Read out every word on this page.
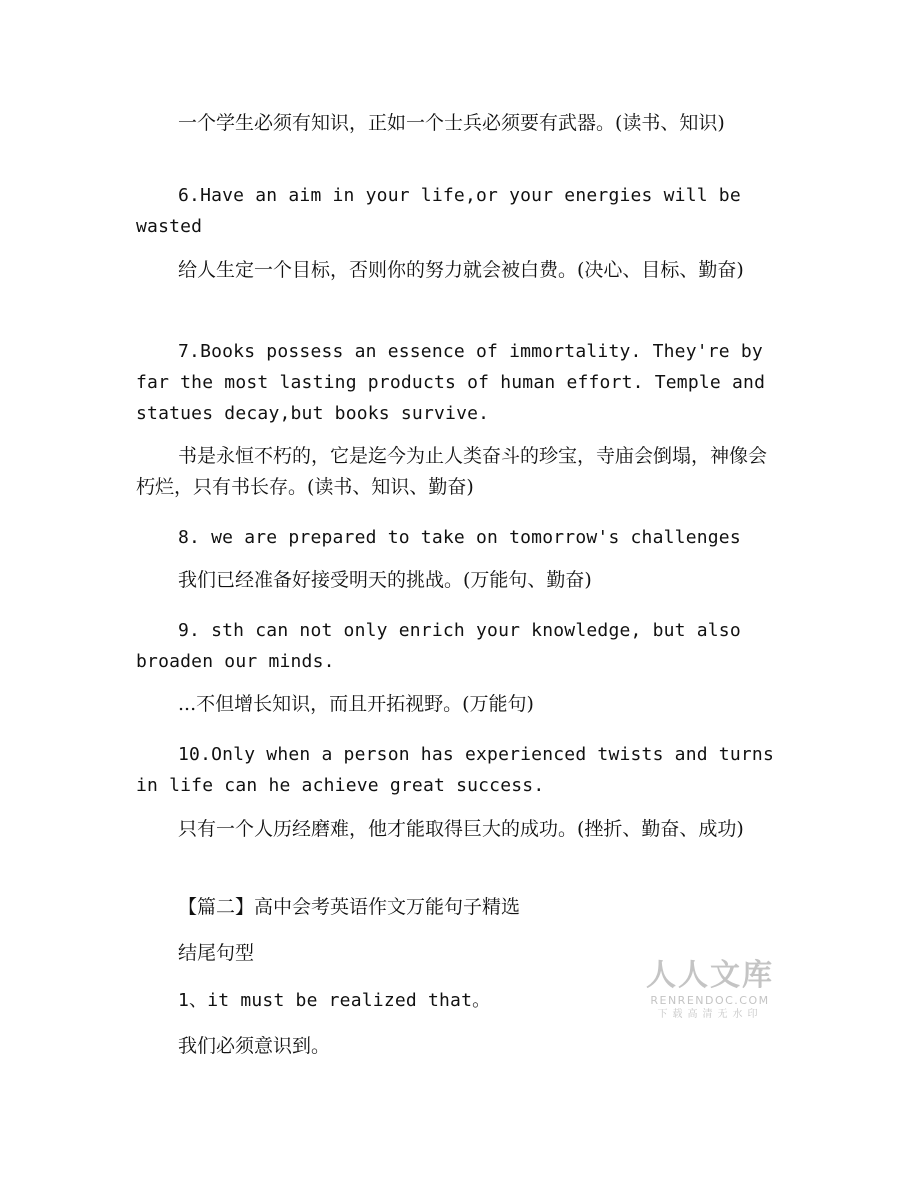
一个学生必须有知识，正如一个士兵必须要有武器。(读书、知识)

6.Have an aim in your life,or your energies will be wasted

给人生定一个目标，否则你的努力就会被白费。(决心、目标、勤奋)

7.Books possess an essence of immortality. They're by far the most lasting products of human effort. Temple and statues decay,but books survive.

书是永恒不朽的，它是迄今为止人类奋斗的珍宝，寺庙会倒塌，神像会朽烂，只有书长存。(读书、知识、勤奋)

8. we are prepared to take on tomorrow's challenges

我们已经准备好接受明天的挑战。(万能句、勤奋)

9. sth can not only enrich your knowledge, but also broaden our minds.

...不但增长知识，而且开拓视野。(万能句)

10.Only when a person has experienced twists and turns in life can he achieve great success.

只有一个人历经磨难，他才能取得巨大的成功。(挫折、勤奋、成功)

【篇二】高中会考英语作文万能句子精选

结尾句型

1、it must be realized that。

我们必须意识到。

人人文库
RENRENDOC.COM
下载高清无水印
